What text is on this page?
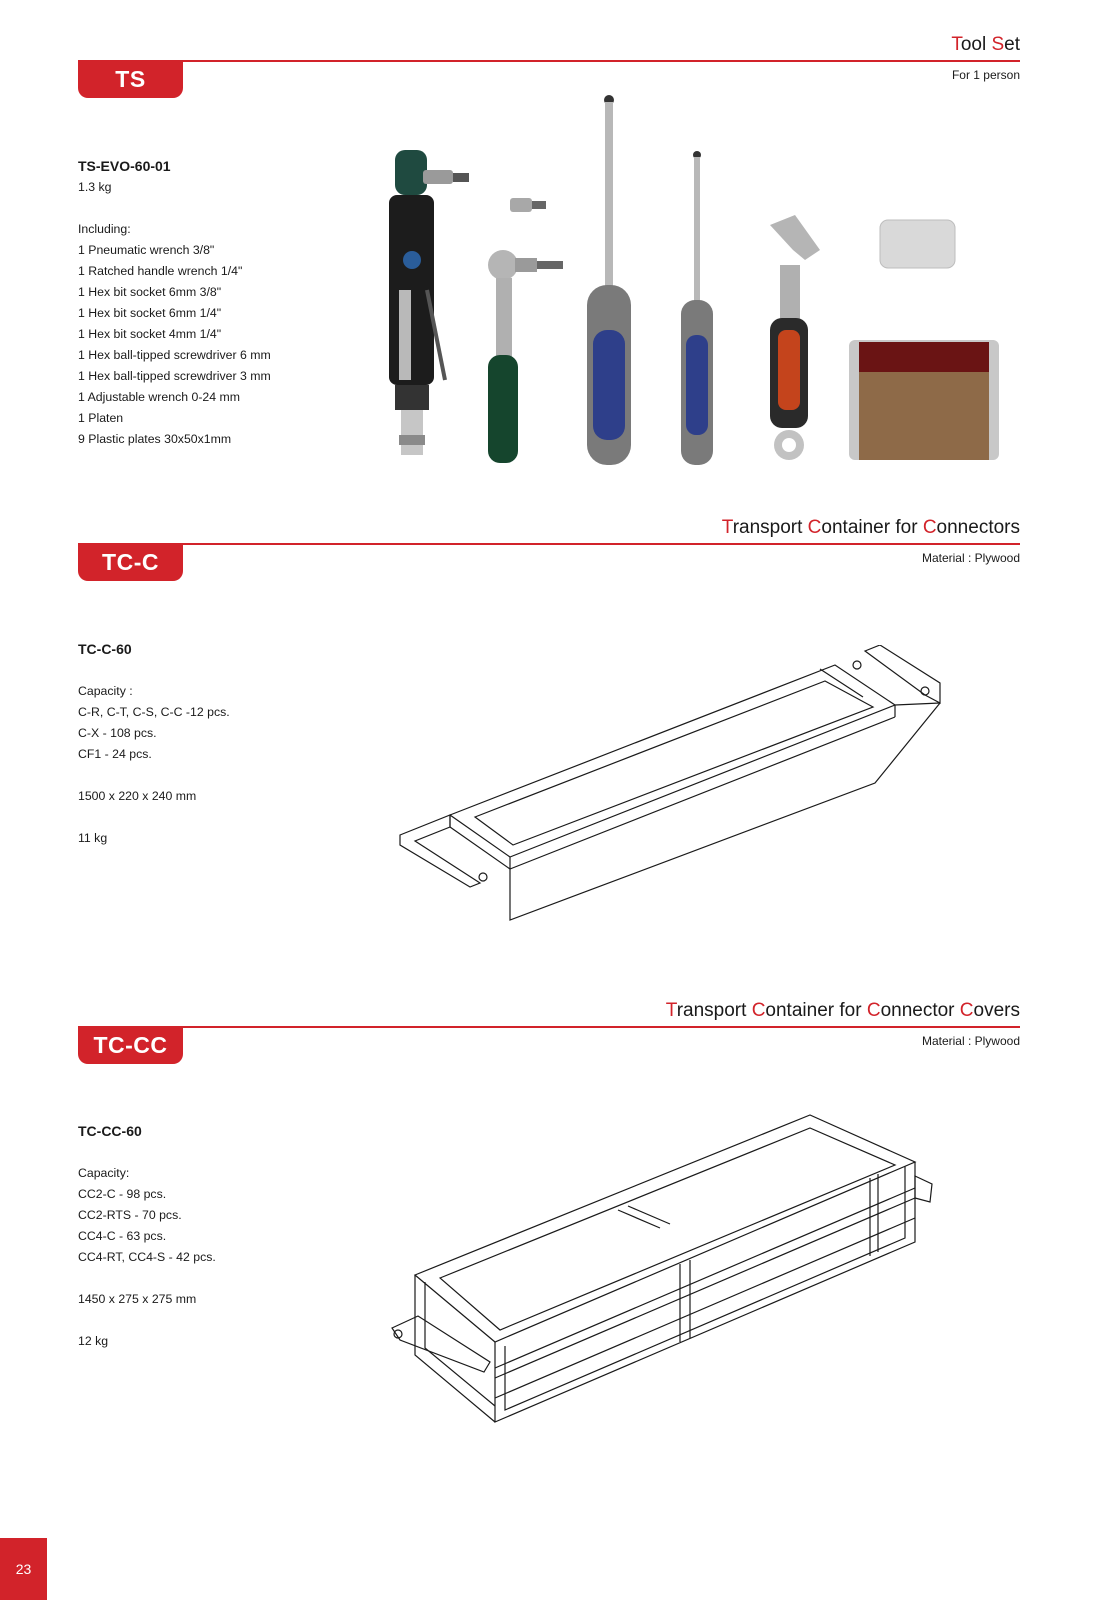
Tool Set
TS	For 1 person
TS-EVO-60-01
1.3 kg
Including:
1 Pneumatic wrench 3/8"
1 Ratched handle wrench 1/4"
1 Hex bit socket 6mm 3/8"
1 Hex bit socket 6mm 1/4"
1 Hex bit socket 4mm 1/4"
1 Hex ball-tipped screwdriver 6 mm
1 Hex ball-tipped screwdriver 3 mm
1 Adjustable wrench 0-24 mm
1 Platen
9 Plastic plates 30x50x1mm
Transport Container for Connectors
TC-C	Material : Plywood
TC-C-60
Capacity :
C-R, C-T, C-S, C-C -12 pcs.
C-X - 108 pcs.
CF1 - 24 pcs.
1500 x 220 x 240 mm
11 kg
Transport Container for Connector Covers
TC-CC	Material : Plywood
TC-CC-60
Capacity:
CC2-C - 98 pcs.
CC2-RTS - 70 pcs.
CC4-C - 63 pcs.
CC4-RT, CC4-S - 42 pcs.
1450 x 275 x 275 mm
12 kg
23
